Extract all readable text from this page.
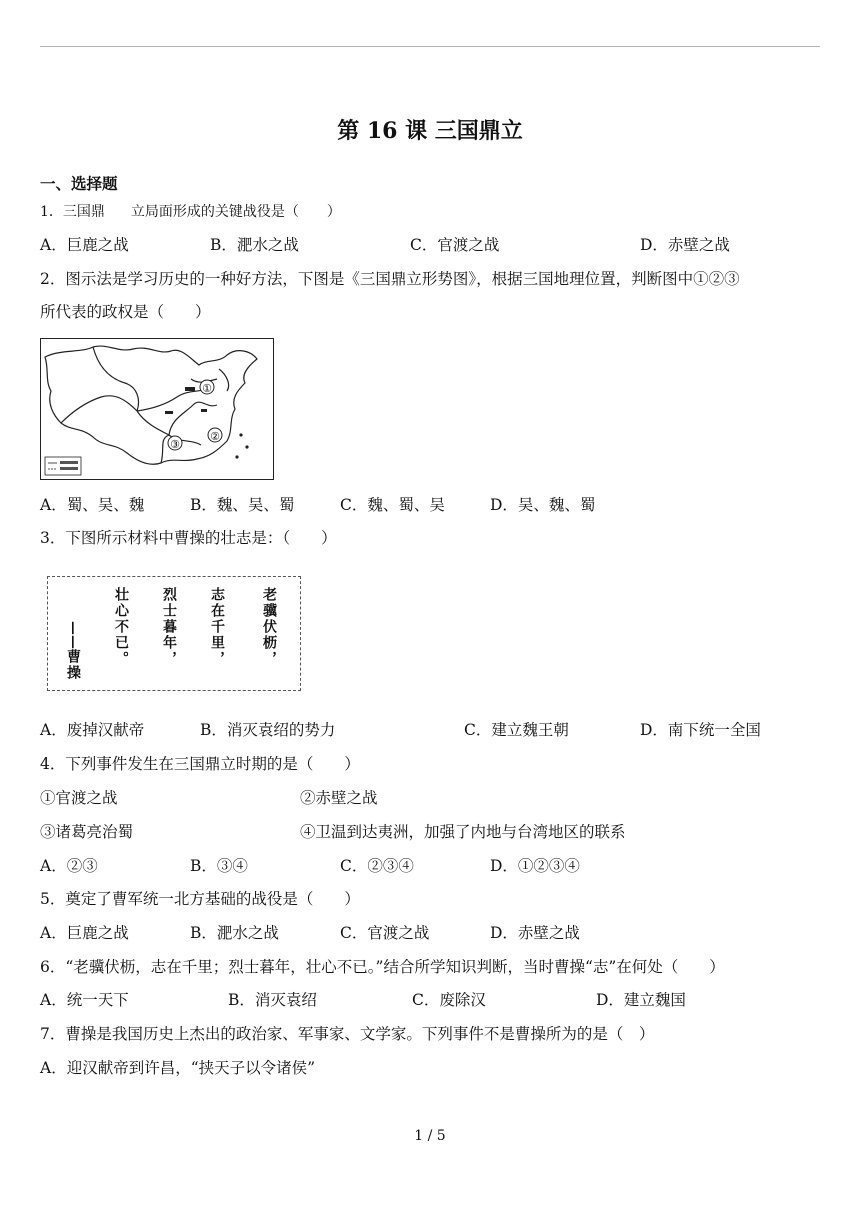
第 16 课 三国鼎立
一、选择题
1．三国鼎 立局面形成的关键战役是（　　）
A．巨鹿之战	B．淝水之战	C．官渡之战	D．赤壁之战
2．图示法是学习历史的一种好方法，下图是《三国鼎立形势图》，根据三国地理位置，判断图中①②③
所代表的政权是（　　）
①
②
③
A．蜀、吴、魏	B．魏、吴、蜀	C．魏、蜀、吴	D．吴、魏、蜀
3．下图所示材料中曹操的壮志是：（　　）
老骥伏枥，
志在千里，
烈士暮年，
壮心不已。
——
曹操
A．废掉汉献帝	B．消灭袁绍的势力	C．建立魏王朝	D．南下统一全国
4．下列事件发生在三国鼎立时期的是（　　）
①官渡之战	②赤壁之战
③诸葛亮治蜀	④卫温到达夷洲，加强了内地与台湾地区的联系
A．②③	B．③④	C．②③④	D．①②③④
5．奠定了曹军统一北方基础的战役是（　　）
A．巨鹿之战	B．淝水之战	C．官渡之战	D．赤壁之战
6．“老骥伏枥，志在千里；烈士暮年，壮心不已。”结合所学知识判断，当时曹操“志”在何处（　　）
A．统一天下	B．消灭袁绍	C．废除汉	D．建立魏国
7．曹操是我国历史上杰出的政治家、军事家、文学家。下列事件不是曹操所为的是（　）
A．迎汉献帝到许昌，“挟天子以令诸侯”
1 / 5
